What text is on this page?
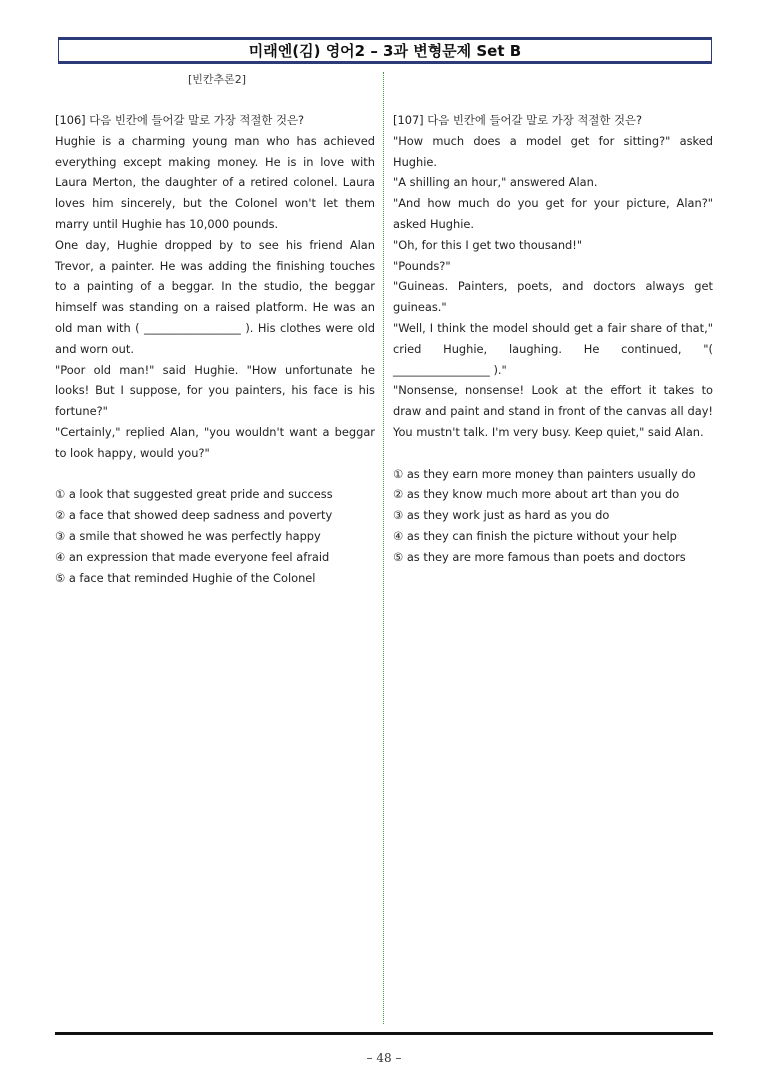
미래엔(김) 영어2 – 3과 변형문제 Set B
[빈칸추론2]

[106] 다음 빈칸에 들어갈 말로 가장 적절한 것은?

Hughie is a charming young man who has achieved everything except making money. He is in love with Laura Merton, the daughter of a retired colonel. Laura loves him sincerely, but the Colonel won't let them marry until Hughie has 10,000 pounds.

One day, Hughie dropped by to see his friend Alan Trevor, a painter. He was adding the finishing touches to a painting of a beggar. In the studio, the beggar himself was standing on a raised platform. He was an old man with ( _________________ ). His clothes were old and worn out.

"Poor old man!" said Hughie. "How unfortunate he looks! But I suppose, for you painters, his face is his fortune?"

"Certainly," replied Alan, "you wouldn't want a beggar to look happy, would you?"

① a look that suggested great pride and success
② a face that showed deep sadness and poverty
③ a smile that showed he was perfectly happy
④ an expression that made everyone feel afraid
⑤ a face that reminded Hughie of the Colonel

[107] 다음 빈칸에 들어갈 말로 가장 적절한 것은?

"How much does a model get for sitting?" asked Hughie.

"A shilling an hour," answered Alan.

"And how much do you get for your picture, Alan?" asked Hughie.

"Oh, for this I get two thousand!"

"Pounds?"

"Guineas. Painters, poets, and doctors always get guineas."

"Well, I think the model should get a fair share of that," cried Hughie, laughing. He continued, "( _________________ )."

"Nonsense, nonsense! Look at the effort it takes to draw and paint and stand in front of the canvas all day! You mustn't talk. I'm very busy. Keep quiet," said Alan.

① as they earn more money than painters usually do
② as they know much more about art than you do
③ as they work just as hard as you do
④ as they can finish the picture without your help
⑤ as they are more famous than poets and doctors
– 48 –
